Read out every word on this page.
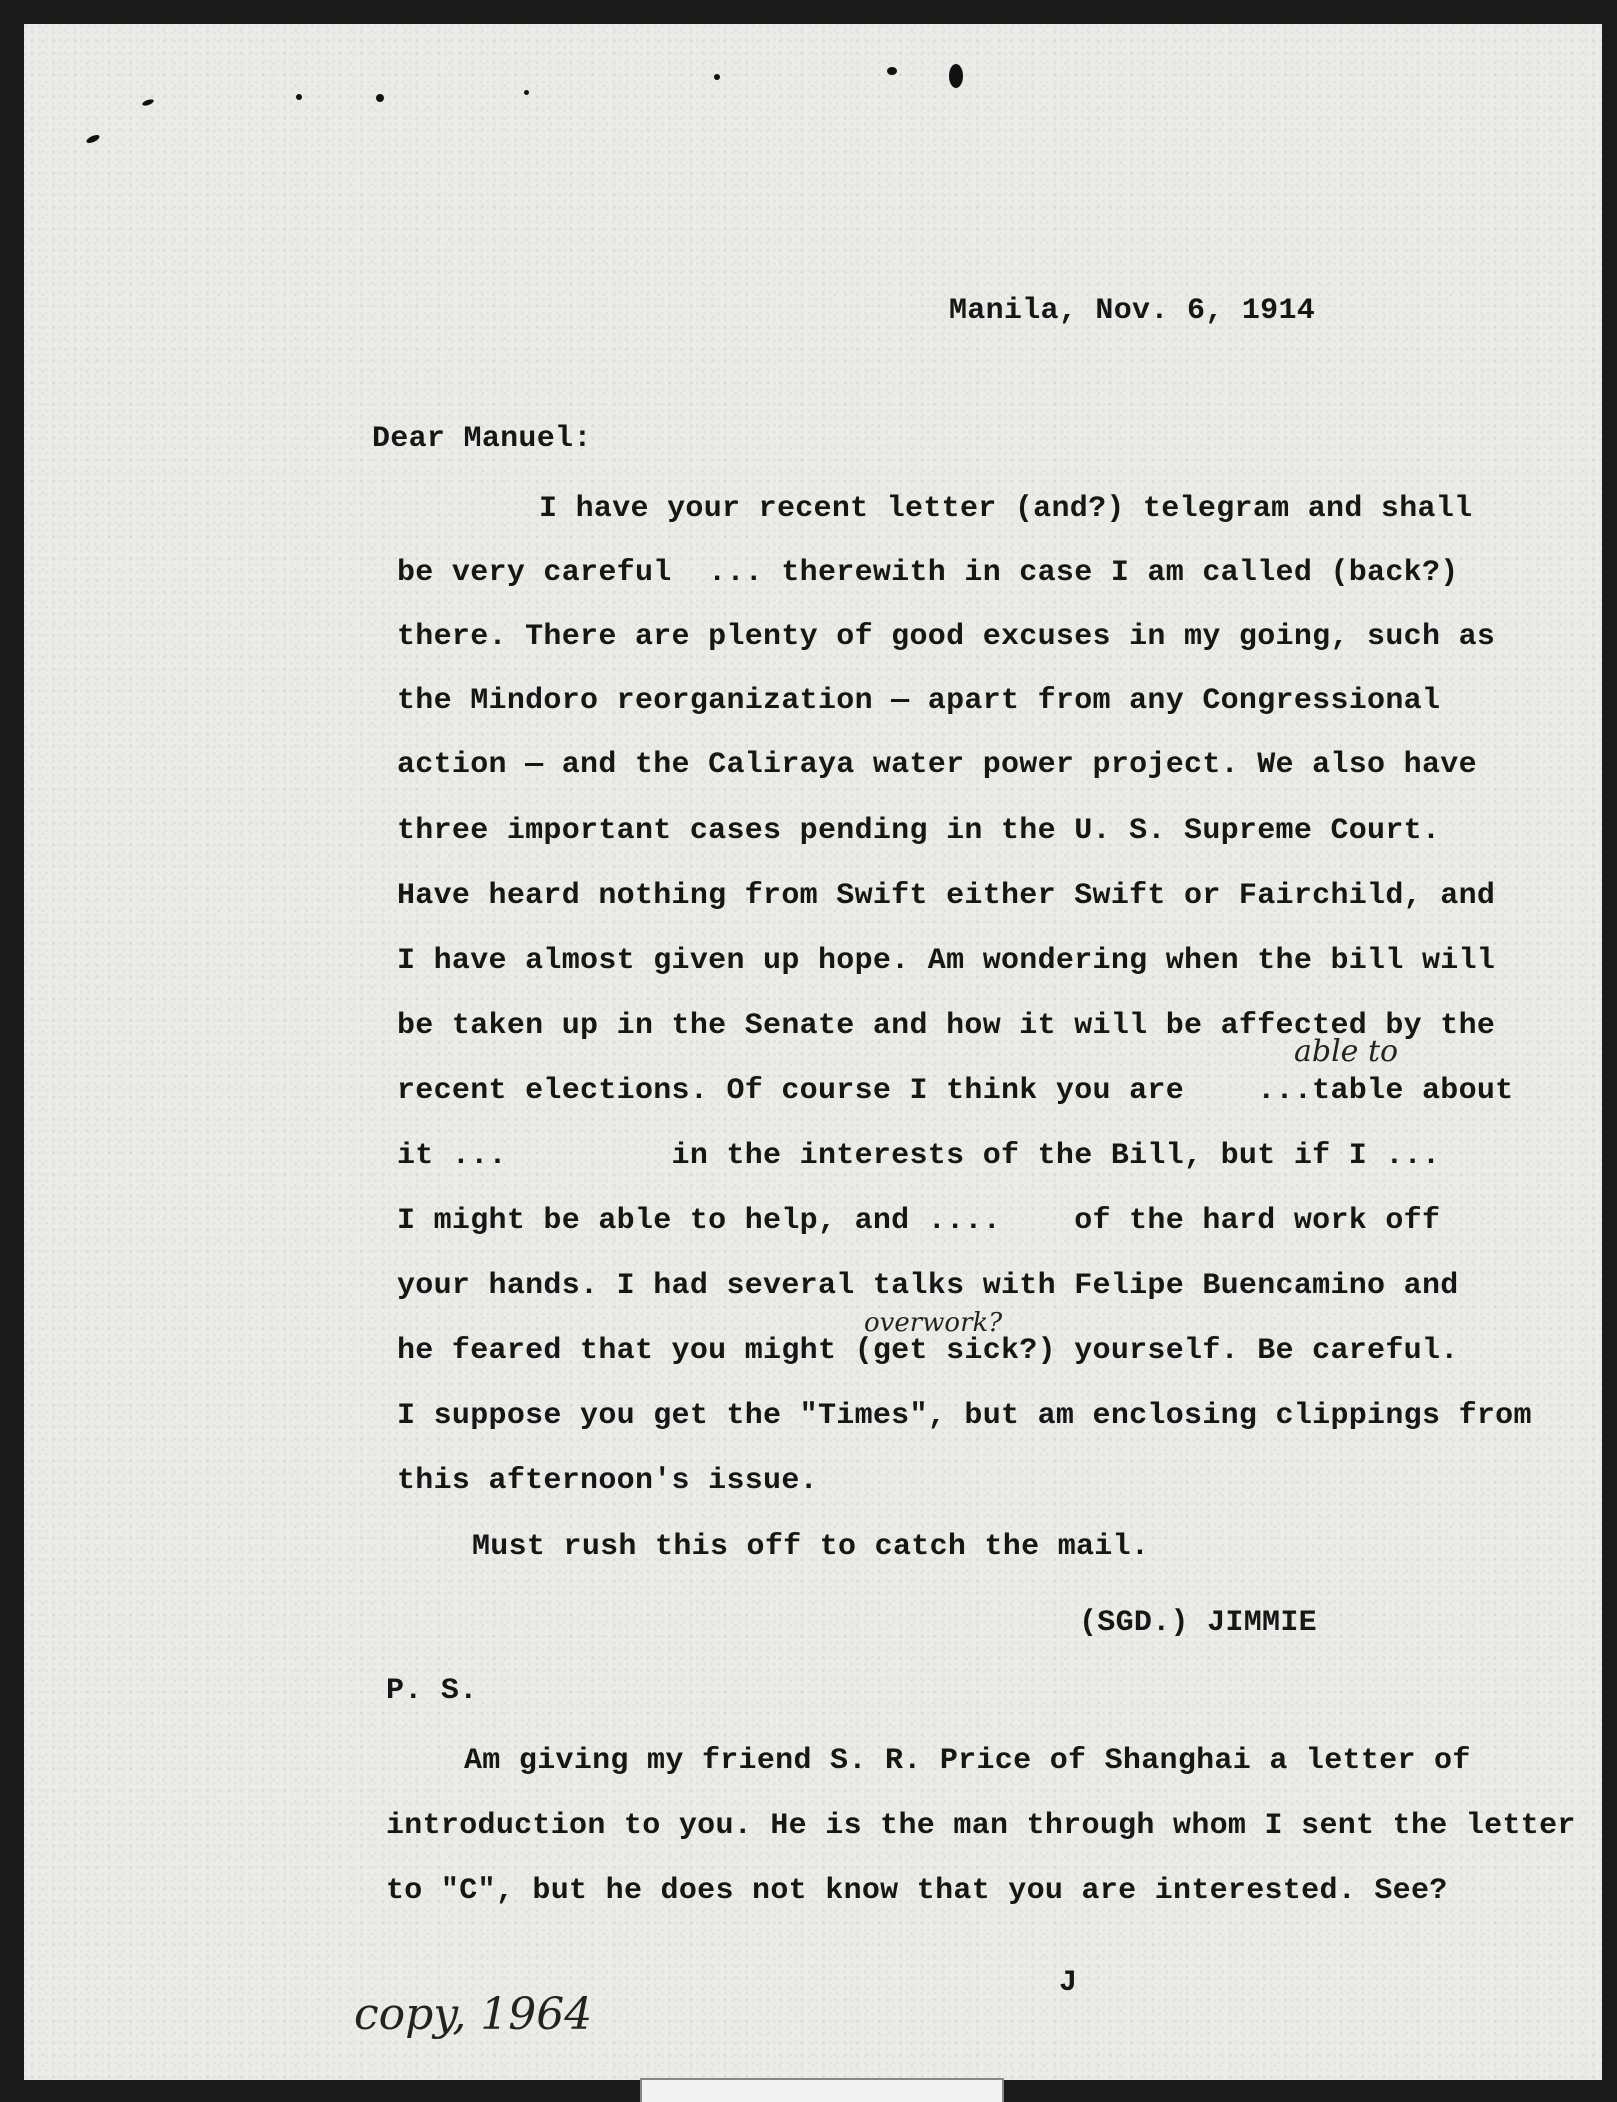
Manila, Nov. 6, 1914
Dear Manuel:
I have your recent letter (and?) telegram and shall
be very careful  ... therewith in case I am called (back?)
there. There are plenty of good excuses in my going, such as
the Mindoro reorganization — apart from any Congressional
action — and the Caliraya water power project. We also have
three important cases pending in the U. S. Supreme Court.
Have heard nothing from Swift either Swift or Fairchild, and
I have almost given up hope. Am wondering when the bill will
be taken up in the Senate and how it will be affected by the
able to
recent elections. Of course I think you are    ...table about
it ...         in the interests of the Bill, but if I ...
I might be able to help, and ....    of the hard work off
your hands. I had several talks with Felipe Buencamino and
overwork?
he feared that you might (get sick?) yourself. Be careful.
I suppose you get the "Times", but am enclosing clippings from
this afternoon's issue.
Must rush this off to catch the mail.
(SGD.) JIMMIE
P. S.
Am giving my friend S. R. Price of Shanghai a letter of
introduction to you. He is the man through whom I sent the letter
to "C", but he does not know that you are interested. See?
J
copy, 1964
